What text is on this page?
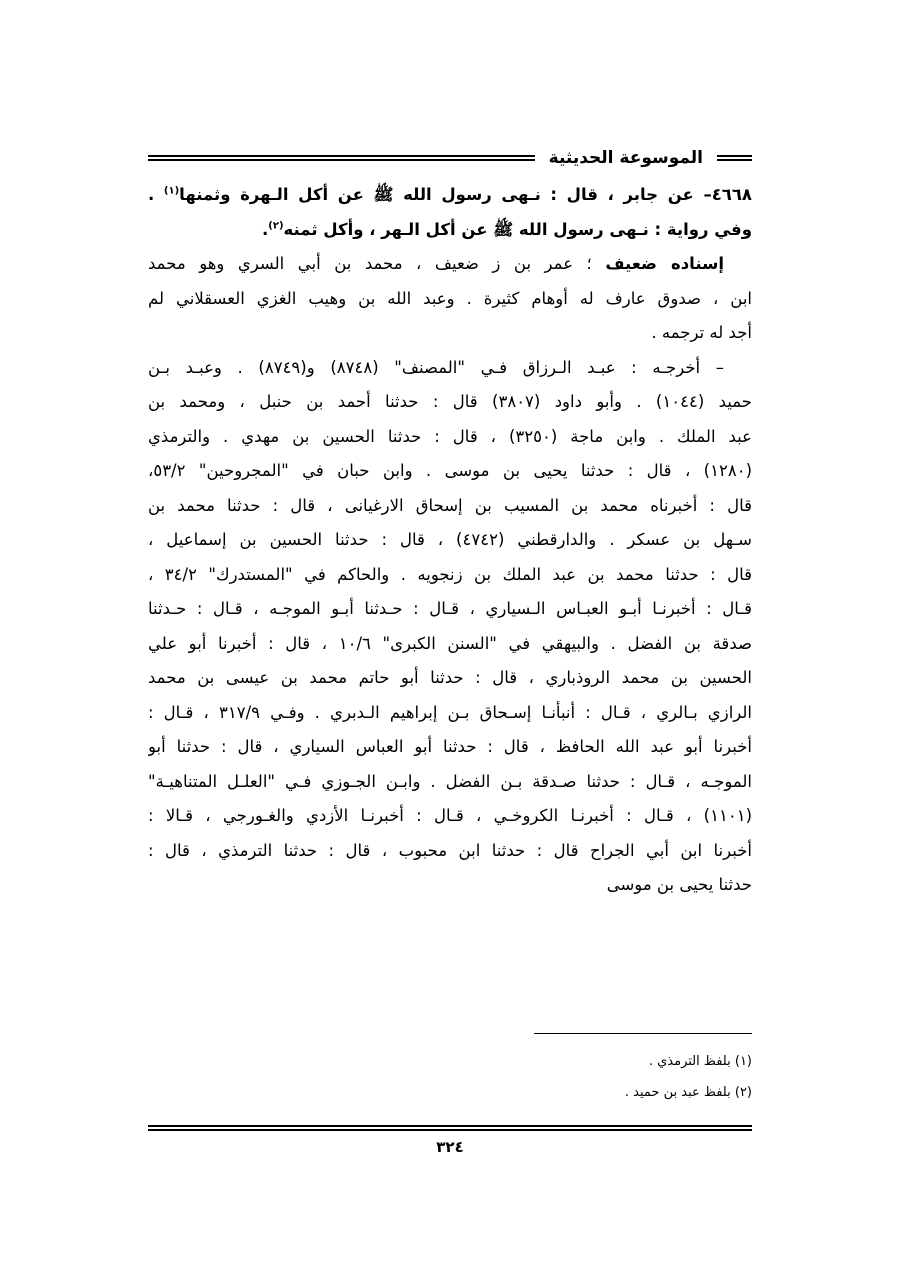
الموسوعة الحديثية
٤٦٦٨– عن جابر ، قال : نـهى رسول الله ﷺ عن أكل الـهرة وثمنها$^{(١)}$ .
وفي رواية : نـهى رسول الله ﷺ عن أكل الـهر ، وأكل ثمنه$^{(٢)}$.
إسناده ضعيف ؛ عمر بن ز ضعيف ، محمد بن أبي السري وهو محمد
ابن ، صدوق عارف له أوهام كثيرة . وعبد الله بن وهيب الغزي العسقلاني لم
أجد له ترجمه .
– أخرجـه : عبـد الـرزاق فـي "المصنف" (٨٧٤٨) و(٨٧٤٩) . وعبـد بـن
حميد (١٠٤٤) . وأبو داود (٣٨٠٧) قال : حدثنا أحمد بن حنبل ، ومحمد بن
عبد الملك . وابن ماجة (٣٢٥٠) ، قال : حدثنا الحسين بن مهدي . والترمذي
(١٢٨٠) ، قال : حدثنا يحيى بن موسى . وابن حبان في "المجروحين" ٥٣/٢،
قال : أخبرناه محمد بن المسيب بن إسحاق الارغيانى ، قال : حدثنا محمد بن
سـهل بن عسكر . والدارقطني (٤٧٤٢) ، قال : حدثنا الحسين بن إسماعيل ،
قال : حدثنا محمد بن عبد الملك بن زنجويه . والحاكم في "المستدرك" ٣٤/٢ ،
قـال : أخبرنـا أبـو العبـاس الـسياري ، قـال : حـدثنا أبـو الموجـه ، قـال : حـدثنا
صدقة بن الفضل . والبيهقي في "السنن الكبرى" ١٠/٦ ، قال : أخبرنا أبو علي
الحسين بن محمد الروذباري ، قال : حدثنا أبو حاتم محمد بن عيسى بن محمد
الرازي بـالري ، قـال : أنبأنـا إسـحاق بـن إبراهيم الـدبري . وفـي ٣١٧/٩ ، قـال :
أخبرنا أبو عبد الله الحافظ ، قال : حدثنا أبو العباس السياري ، قال : حدثنا أبو
الموجـه ، قـال : حدثنا صـدقة بـن الفضل . وابـن الجـوزي فـي "العلـل المتناهيـة"
(١١٠١) ، قـال : أخبرنـا الكروخـي ، قـال : أخبرنـا الأزدي والغـورجي ، قـالا :
أخبرنا ابن أبي الجراح قال : حدثنا ابن محبوب ، قال : حدثنا الترمذي ، قال :
حدثنا يحيى بن موسى
(١) بلفظ الترمذي .
(٢) بلفظ عبد بن حميد .
٣٢٤
